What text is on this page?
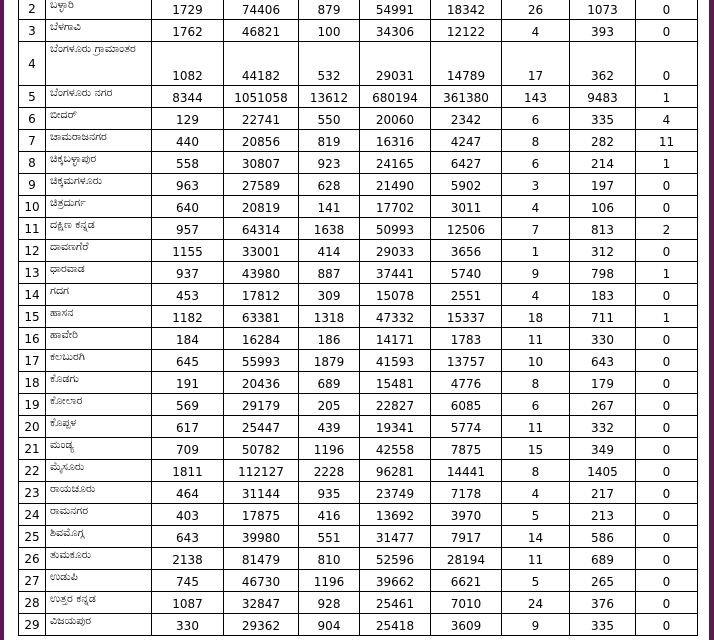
2	ಬಳ್ಳಾರಿ	1729	74406	879	54991	18342	26	1073	0
3	ಬೆಳಗಾವಿ	1762	46821	100	34306	12122	4	393	0
4	ಬೆಂಗಳೂರು ಗ್ರಾಮಾಂತರ	1082	44182	532	29031	14789	17	362	0
5	ಬೆಂಗಳೂರು ನಗರ	8344	1051058	13612	680194	361380	143	9483	1
6	ಬೀದರ್	129	22741	550	20060	2342	6	335	4
7	ಚಾಮರಾಜನಗರ	440	20856	819	16316	4247	8	282	11
8	ಚಿಕ್ಕಬಳ್ಳಾಪುರ	558	30807	923	24165	6427	6	214	1
9	ಚಿಕ್ಕಮಗಳೂರು	963	27589	628	21490	5902	3	197	0
10	ಚಿತ್ರದುರ್ಗ	640	20819	141	17702	3011	4	106	0
11	ದಕ್ಷಿಣ ಕನ್ನಡ	957	64314	1638	50993	12506	7	813	2
12	ದಾವಣಗೆರೆ	1155	33001	414	29033	3656	1	312	0
13	ಧಾರವಾಡ	937	43980	887	37441	5740	9	798	1
14	ಗದಗ	453	17812	309	15078	2551	4	183	0
15	ಹಾಸನ	1182	63381	1318	47332	15337	18	711	1
16	ಹಾವೇರಿ	184	16284	186	14171	1783	11	330	0
17	ಕಲಬುರಗಿ	645	55993	1879	41593	13757	10	643	0
18	ಕೊಡಗು	191	20436	689	15481	4776	8	179	0
19	ಕೋಲಾರ	569	29179	205	22827	6085	6	267	0
20	ಕೊಪ್ಪಳ	617	25447	439	19341	5774	11	332	0
21	ಮಂಡ್ಯ	709	50782	1196	42558	7875	15	349	0
22	ಮೈಸೂರು	1811	112127	2228	96281	14441	8	1405	0
23	ರಾಯಚೂರು	464	31144	935	23749	7178	4	217	0
24	ರಾಮನಗರ	403	17875	416	13692	3970	5	213	0
25	ಶಿವಮೊಗ್ಗ	643	39980	551	31477	7917	14	586	0
26	ತುಮಕೂರು	2138	81479	810	52596	28194	11	689	0
27	ಉಡುಪಿ	745	46730	1196	39662	6621	5	265	0
28	ಉತ್ತರ ಕನ್ನಡ	1087	32847	928	25461	7010	24	376	0
29	ವಿಜಯಪುರ	330	29362	904	25418	3609	9	335	0
